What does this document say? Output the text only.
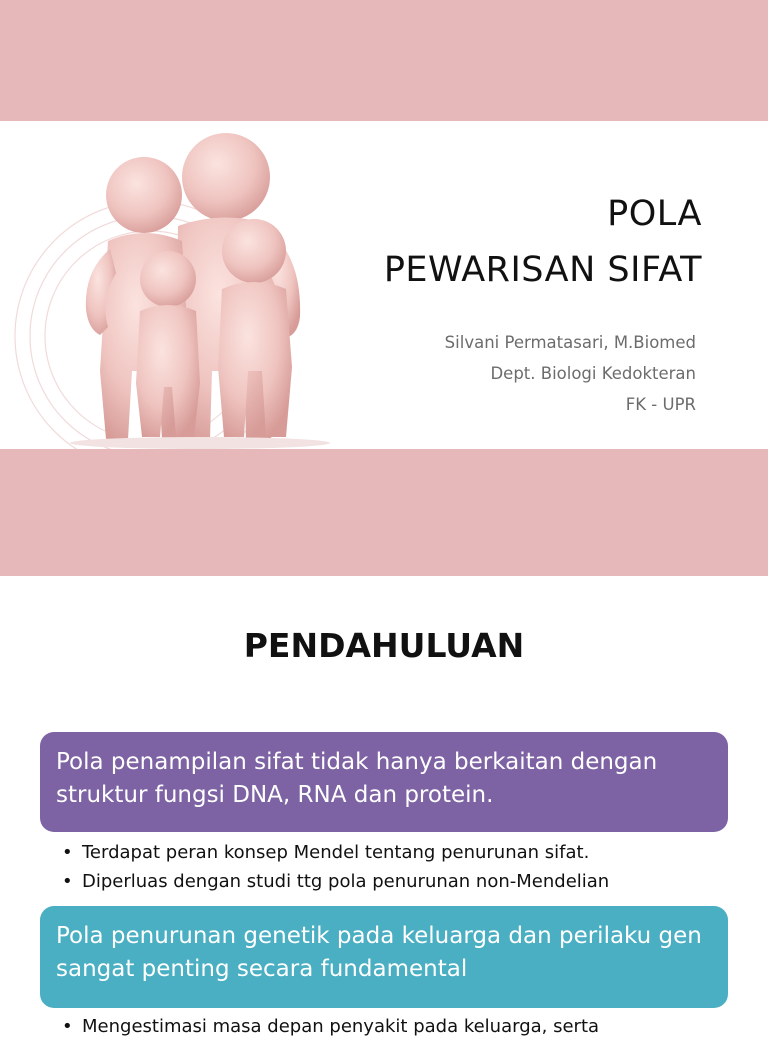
POLA
PEWARISAN SIFAT
Silvani Permatasari, M.Biomed
Dept. Biologi Kedokteran
FK - UPR
PENDAHULUAN
Pola penampilan sifat tidak hanya berkaitan dengan struktur fungsi DNA, RNA dan protein.
• Terdapat peran konsep Mendel tentang penurunan sifat.
• Diperluas dengan studi ttg pola penurunan non-Mendelian
Pola penurunan genetik pada keluarga dan perilaku gen sangat penting secara fundamental
• Mengestimasi masa depan penyakit pada keluarga, serta
